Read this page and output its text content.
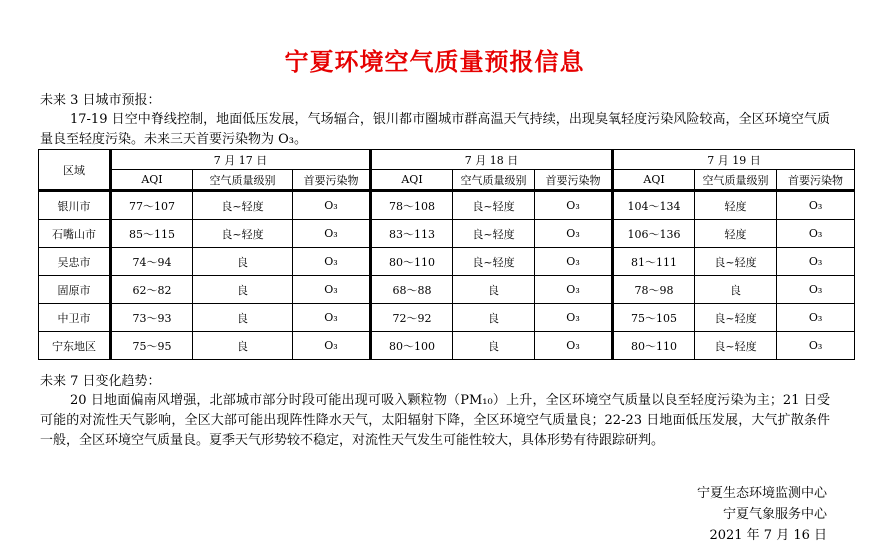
宁夏环境空气质量预报信息
未来 3 日城市预报：
17-19 日空中脊线控制，地面低压发展，气场辐合，银川都市圈城市群高温天气持续，出现臭氧轻度污染风险较高，全区环境空气质量良至轻度污染。未来三天首要污染物为 O₃。
区域	7 月 17 日			7 月 18 日			7 月 19 日		
	AQI	空气质量级别	首要污染物	AQI	空气质量级别	首要污染物	AQI	空气质量级别	首要污染物
银川市	77～107	良~轻度	O₃	78～108	良~轻度	O₃	104～134	轻度	O₃
石嘴山市	85～115	良~轻度	O₃	83～113	良~轻度	O₃	106～136	轻度	O₃
吴忠市	74～94	良	O₃	80～110	良~轻度	O₃	81～111	良~轻度	O₃
固原市	62～82	良	O₃	68～88	良	O₃	78～98	良	O₃
中卫市	73～93	良	O₃	72～92	良	O₃	75～105	良~轻度	O₃
宁东地区	75～95	良	O₃	80～100	良	O₃	80～110	良~轻度	O₃
未来 7 日变化趋势：
20 日地面偏南风增强，北部城市部分时段可能出现可吸入颗粒物（PM₁₀）上升，全区环境空气质量以良至轻度污染为主；21 日受可能的对流性天气影响，全区大部可能出现阵性降水天气，太阳辐射下降，全区环境空气质量良；22-23 日地面低压发展，大气扩散条件一般，全区环境空气质量良。夏季天气形势较不稳定，对流性天气发生可能性较大，具体形势有待跟踪研判。
宁夏生态环境监测中心
宁夏气象服务中心
2021 年 7 月 16 日
